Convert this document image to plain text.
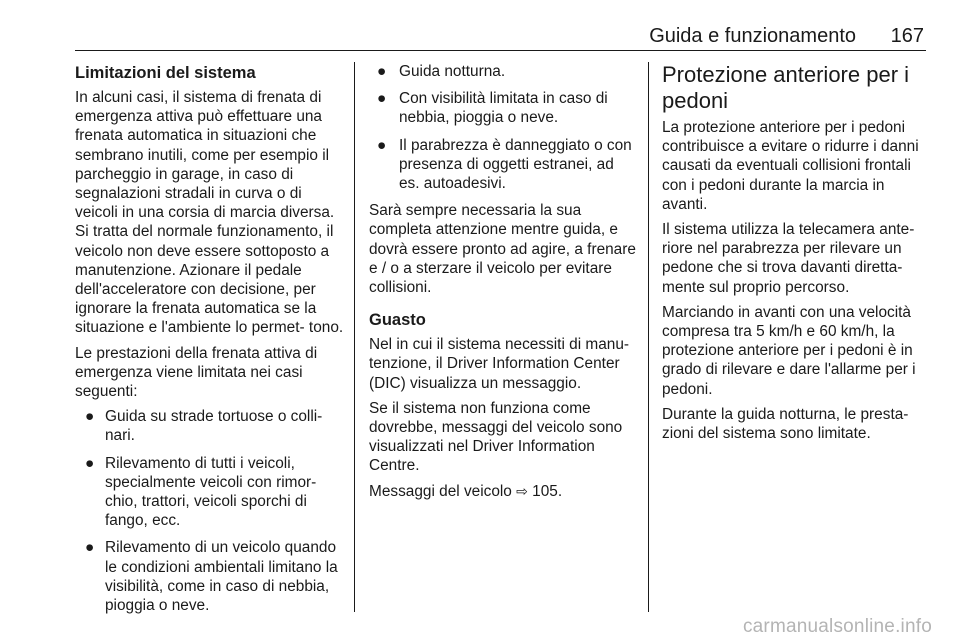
Guida e funzionamento 167
Limitazioni del sistema

In alcuni casi, il sistema di frenata di emergenza attiva può effettuare una frenata automatica in situazioni che sembrano inutili, come per esempio il parcheggio in garage, in caso di segnalazioni stradali in curva o di veicoli in una corsia di marcia diversa. Si tratta del normale funzionamento, il veicolo non deve essere sottoposto a manutenzione. Azionare il pedale dell'acceleratore con decisione, per ignorare la frenata automatica se la situazione e l'ambiente lo permet‐ tono.

Le prestazioni della frenata attiva di emergenza viene limitata nei casi seguenti:

● Guida su strade tortuose o colli‐ nari.
● Rilevamento di tutti i veicoli, specialmente veicoli con rimor‐ chio, trattori, veicoli sporchi di fango, ecc.
● Rilevamento di un veicolo quando le condizioni ambientali limitano la visibilità, come in caso di nebbia, pioggia o neve.
● Guida notturna.
● Con visibilità limitata in caso di nebbia, pioggia o neve.
● Il parabrezza è danneggiato o con presenza di oggetti estranei, ad es. autoadesivi.

Sarà sempre necessaria la sua completa attenzione mentre guida, e dovrà essere pronto ad agire, a frenare e / o a sterzare il veicolo per evitare collisioni.

Guasto

Nel in cui il sistema necessiti di manu‐ tenzione, il Driver Information Center (DIC) visualizza un messaggio.

Se il sistema non funziona come dovrebbe, messaggi del veicolo sono visualizzati nel Driver Information Centre.

Messaggi del veicolo ⇨ 105.

Protezione anteriore per i pedoni

La protezione anteriore per i pedoni contribuisce a evitare o ridurre i danni causati da eventuali collisioni frontali con i pedoni durante la marcia in avanti.

Il sistema utilizza la telecamera ante‐ riore nel parabrezza per rilevare un pedone che si trova davanti diretta‐ mente sul proprio percorso.

Marciando in avanti con una velocità compresa tra 5 km/h e 60 km/h, la protezione anteriore per i pedoni è in grado di rilevare e dare l'allarme per i pedoni.

Durante la guida notturna, le presta‐ zioni del sistema sono limitate.

carmanualsonline.info
